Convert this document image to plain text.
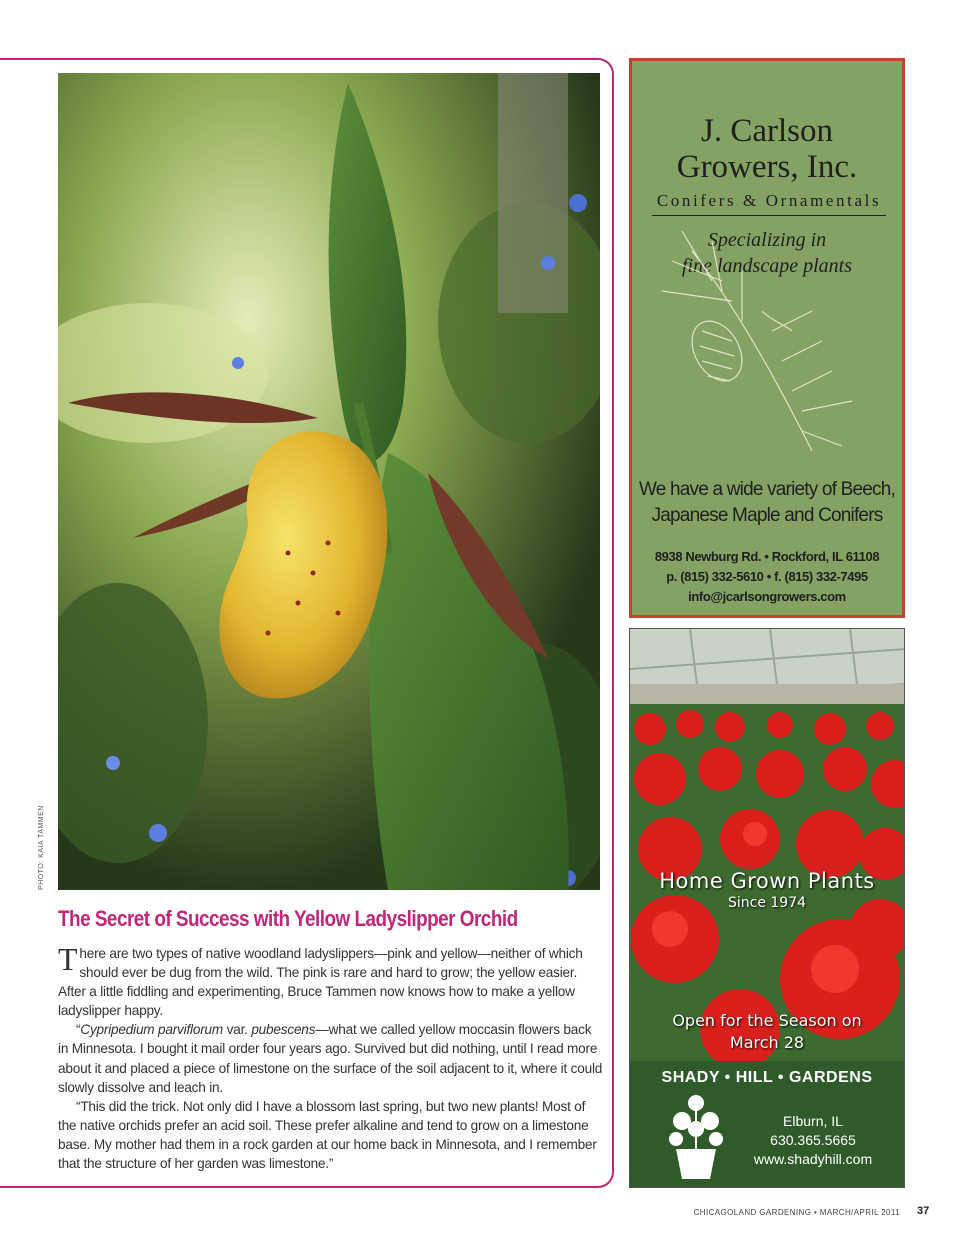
PHOTO: KAIA TAMMEN
The Secret of Success with Yellow Ladyslipper Orchid

There are two types of native woodland ladyslippers—pink and yellow—neither of which should ever be dug from the wild. The pink is rare and hard to grow; the yellow easier. After a little fiddling and experimenting, Bruce Tammen now knows how to make a yellow ladyslipper happy.

“Cypripedium parviflorum var. pubescens—what we called yellow moccasin flowers back in Minnesota. I bought it mail order four years ago. Survived but did nothing, until I read more about it and placed a piece of limestone on the surface of the soil adjacent to it, where it could slowly dissolve and leach in.

“This did the trick. Not only did I have a blossom last spring, but two new plants! Most of the native orchids prefer an acid soil. These prefer alkaline and tend to grow on a limestone base. My mother had them in a rock garden at our home back in Minnesota, and I remember that the structure of her garden was limestone.”

J. Carlson
Growers, Inc.
Conifers & Ornamentals
Specializing in
fine landscape plants
We have a wide variety of Beech,
Japanese Maple and Conifers
8938 Newburg Rd. • Rockford, IL 61108
p. (815) 332-5610 • f. (815) 332-7495
info@jcarlsongrowers.com
Home Grown Plants
Since 1974
Open for the Season on
March 28
SHADY • HILL • GARDENS
Elburn, IL
630.365.5665
www.shadyhill.com
CHICAGOLAND GARDENING • MARCH/APRIL 2011 37
